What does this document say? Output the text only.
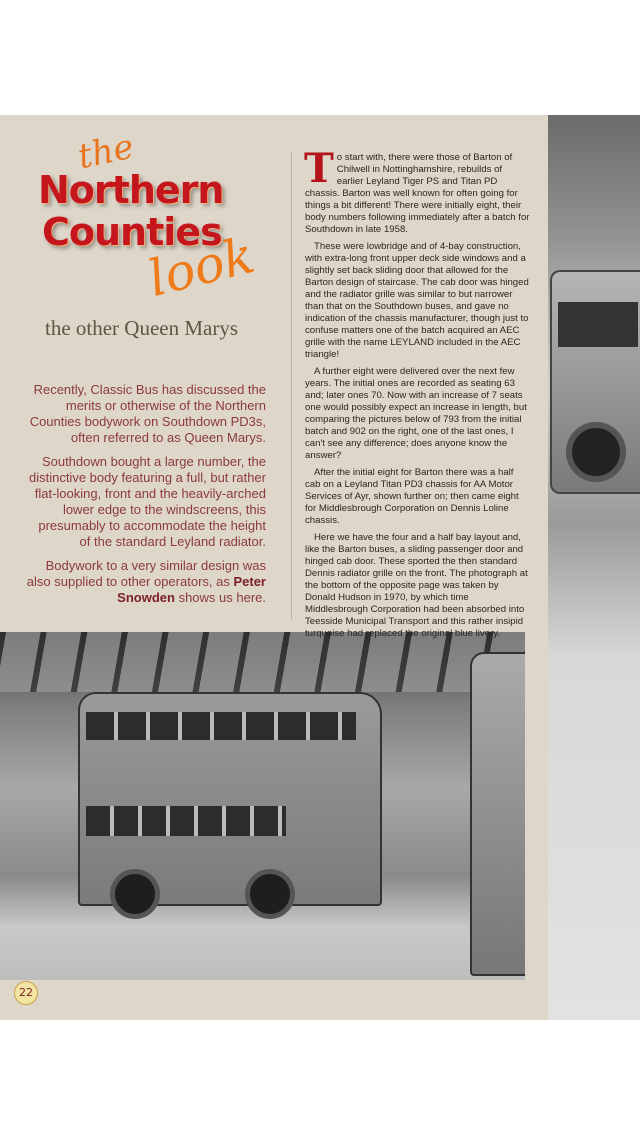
the
Northern
Counties
look
the other Queen Marys

Recently, Classic Bus has discussed the merits or otherwise of the Northern Counties bodywork on Southdown PD3s, often referred to as Queen Marys.

Southdown bought a large number, the distinctive body featuring a full, but rather flat-looking, front and the heavily-arched lower edge to the windscreens, this presumably to accommodate the height of the standard Leyland radiator.

Bodywork to a very similar design was also supplied to other operators, as Peter Snowden shows us here.

To start with, there were those of Barton of Chilwell in Nottinghamshire, rebuilds of earlier Leyland Tiger PS and Titan PD chassis. Barton was well known for often going for things a bit different! There were initially eight, their body numbers following immediately after a batch for Southdown in late 1958.

These were lowbridge and of 4-bay construction, with extra-long front upper deck side windows and a slightly set back sliding door that allowed for the Barton design of staircase. The cab door was hinged and the radiator grille was similar to but narrower than that on the Southdown buses, and gave no indication of the chassis manufacturer, though just to confuse matters one of the batch acquired an AEC grille with the name LEYLAND included in the AEC triangle!

A further eight were delivered over the next few years. The initial ones are recorded as seating 63 and; later ones 70. Now with an increase of 7 seats one would possibly expect an increase in length, but comparing the pictures below of 793 from the initial batch and 902 on the right, one of the last ones, I can't see any difference; does anyone know the answer?

After the initial eight for Barton there was a half cab on a Leyland Titan PD3 chassis for AA Motor Services of Ayr, shown further on; then came eight for Middlesbrough Corporation on Dennis Loline chassis.

Here we have the four and a half bay layout and, like the Barton buses, a sliding passenger door and hinged cab door. These sported the then standard Dennis radiator grille on the front. The photograph at the bottom of the opposite page was taken by Donald Hudson in 1970, by which time Middlesbrough Corporation had been absorbed into Teesside Municipal Transport and this rather insipid turquoise had replaced the original blue livery.

22
